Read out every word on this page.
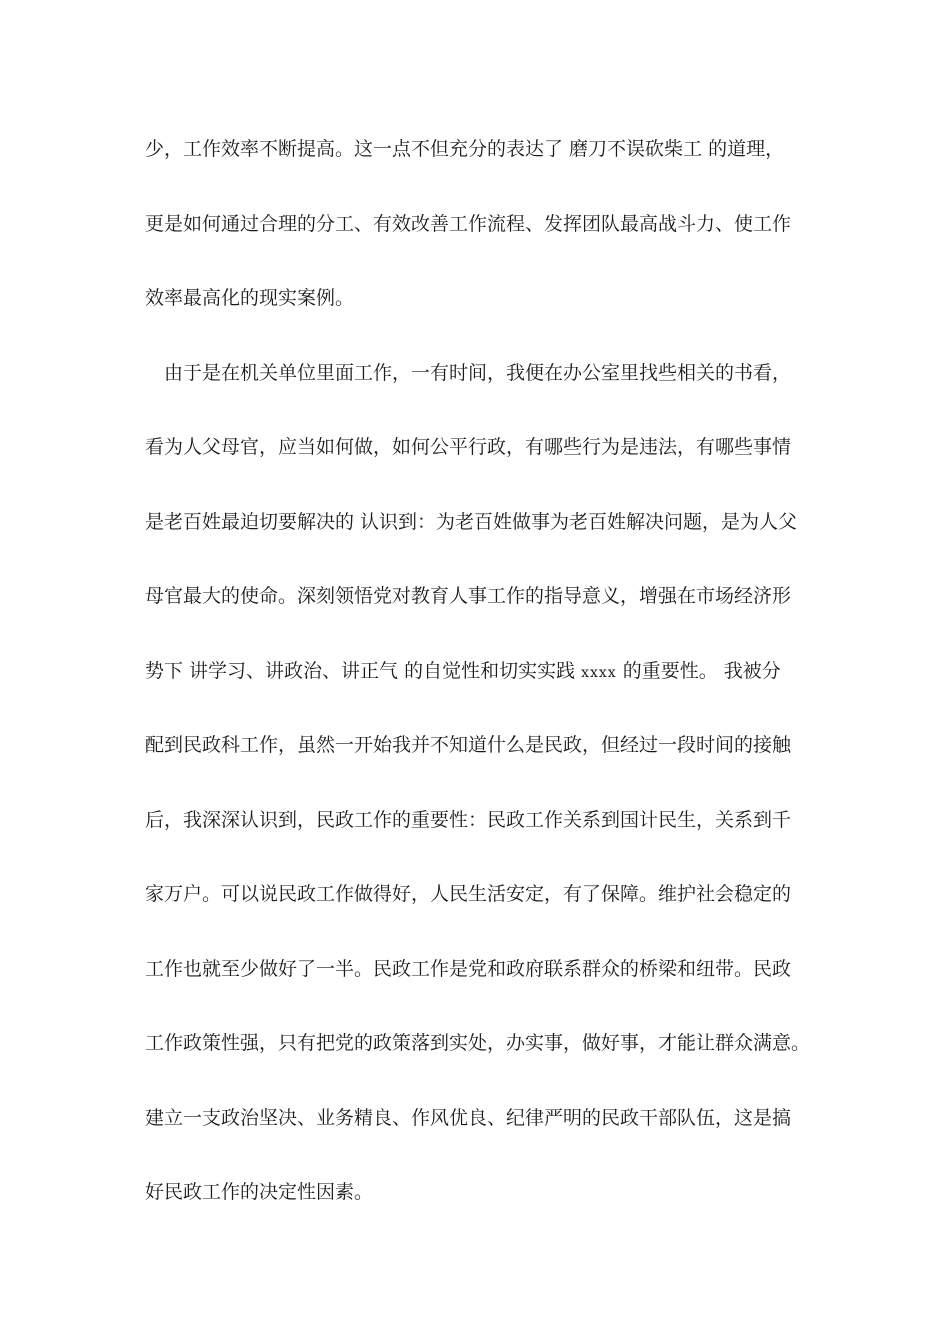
少，工作效率不断提高。这一点不但充分的表达了 磨刀不误砍柴工 的道理，
更是如何通过合理的分工、有效改善工作流程、发挥团队最高战斗力、使工作
效率最高化的现实案例。
　由于是在机关单位里面工作，一有时间，我便在办公室里找些相关的书看，
看为人父母官，应当如何做，如何公平行政，有哪些行为是违法，有哪些事情
是老百姓最迫切要解决的 认识到：为老百姓做事为老百姓解决问题，是为人父
母官最大的使命。深刻领悟党对教育人事工作的指导意义，增强在市场经济形
势下 讲学习、讲政治、讲正气 的自觉性和切实实践 xxxx 的重要性。 我被分
配到民政科工作，虽然一开始我并不知道什么是民政，但经过一段时间的接触
后，我深深认识到，民政工作的重要性：民政工作关系到国计民生，关系到千
家万户。可以说民政工作做得好，人民生活安定，有了保障。维护社会稳定的
工作也就至少做好了一半。民政工作是党和政府联系群众的桥梁和纽带。民政
工作政策性强，只有把党的政策落到实处，办实事，做好事，才能让群众满意。
建立一支政治坚决、业务精良、作风优良、纪律严明的民政干部队伍，这是搞
好民政工作的决定性因素。
